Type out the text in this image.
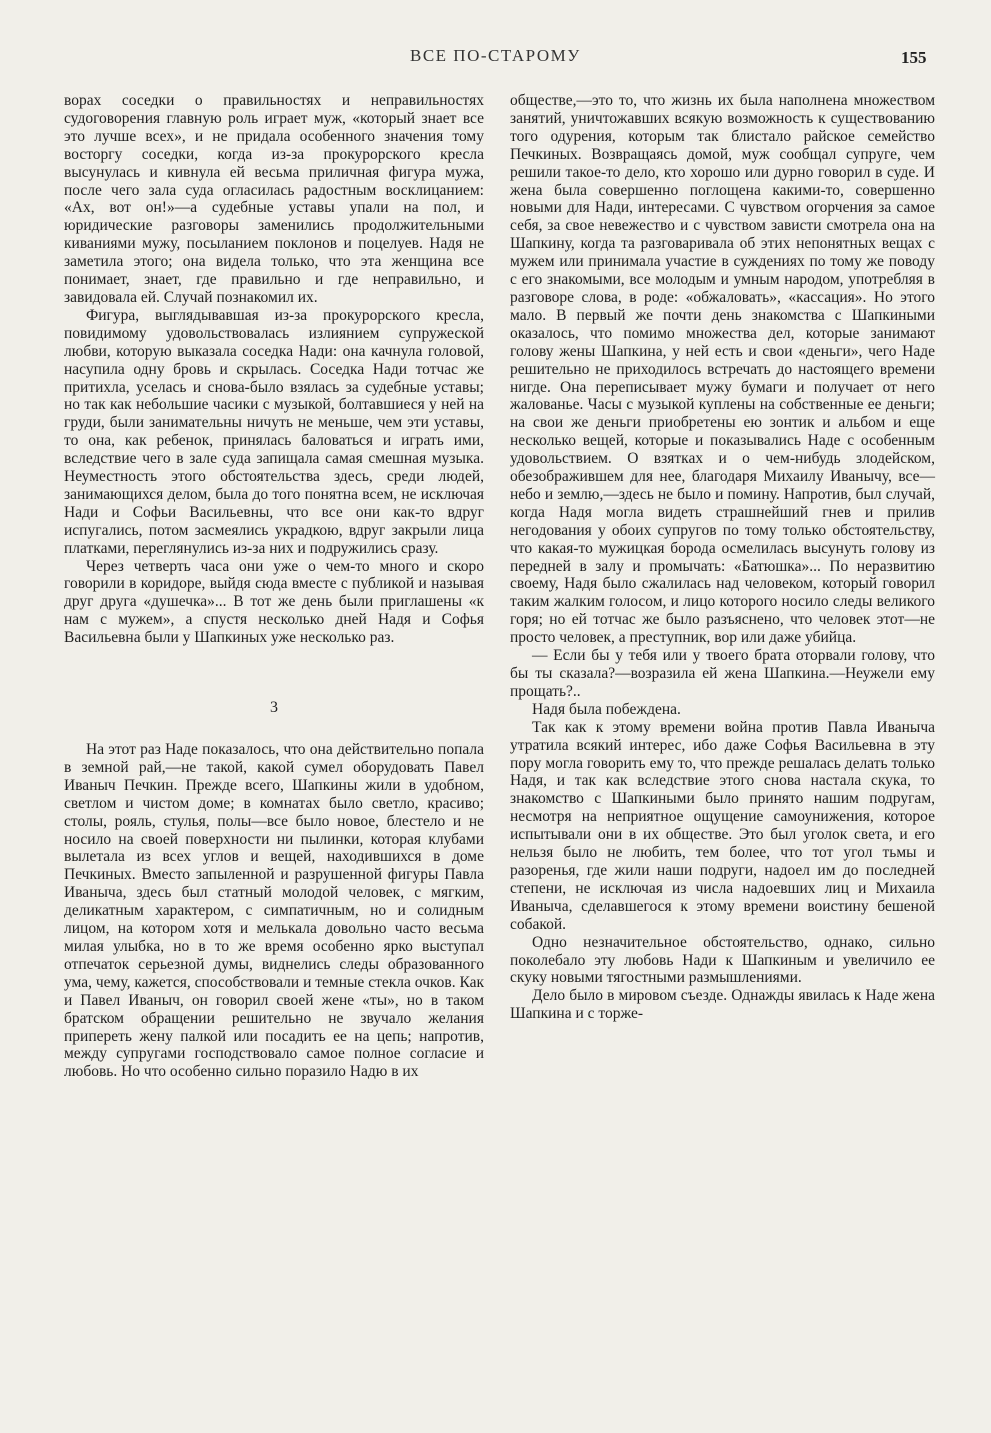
ВСЕ ПО-СТАРОМУ	155

ворах соседки о правильностях и неправильностях судоговорения главную роль играет муж, «который знает все это лучше всех», и не придала особенного значения тому восторгу соседки, когда из-за прокурорского кресла высунулась и кивнула ей весьма приличная фигура мужа, после чего зала суда огласилась радостным восклицанием: «Ах, вот он!»—а судебные уставы упали на пол, и юридические разговоры заменились продолжительными киваниями мужу, посыланием поклонов и поцелуев. Надя не заметила этого; она видела только, что эта женщина все понимает, знает, где правильно и где неправильно, и завидовала ей. Случай познакомил их.

Фигура, выглядывавшая из-за прокурорского кресла, повидимому удовольствовалась излиянием супружеской любви, которую выказала соседка Нади: она качнула головой, насупила одну бровь и скрылась. Соседка Нади тотчас же притихла, уселась и снова-было взялась за судебные уставы; но так как небольшие часики с музыкой, болтавшиеся у ней на груди, были занимательны ничуть не меньше, чем эти уставы, то она, как ребенок, принялась баловаться и играть ими, вследствие чего в зале суда запищала самая смешная музыка. Неуместность этого обстоятельства здесь, среди людей, занимающихся делом, была до того понятна всем, не исключая Нади и Софьи Васильевны, что все они как-то вдруг испугались, потом засмеялись украдкою, вдруг закрыли лица платками, переглянулись из-за них и подружились сразу.

Через четверть часа они уже о чем-то много и скоро говорили в коридоре, выйдя сюда вместе с публикой и называя друг друга «душечка»... В тот же день были приглашены «к нам с мужем», а спустя несколько дней Надя и Софья Васильевна были у Шапкиных уже несколько раз.

3

На этот раз Наде показалось, что она действительно попала в земной рай,—не такой, какой сумел оборудовать Павел Иваныч Печкин. Прежде всего, Шапкины жили в удобном, светлом и чистом доме; в комнатах было светло, красиво; столы, рояль, стулья, полы—все было новое, блестело и не носило на своей поверхности ни пылинки, которая клубами вылетала из всех углов и вещей, находившихся в доме Печкиных. Вместо запыленной и разрушенной фигуры Павла Иваныча, здесь был статный молодой человек, с мягким, деликатным характером, с симпатичным, но и солидным лицом, на котором хотя и мелькала довольно часто весьма милая улыбка, но в то же время особенно ярко выступал отпечаток серьезной думы, виднелись следы образованного ума, чему, кажется, способствовали и темные стекла очков. Как и Павел Иваныч, он говорил своей жене «ты», но в таком братском обращении решительно не звучало желания припереть жену палкой или посадить ее на цепь; напротив, между супругами господствовало самое полное согласие и любовь. Но что особенно сильно поразило Надю в их

обществе,—это то, что жизнь их была наполнена множеством занятий, уничтожавших всякую возможность к существованию того одурения, которым так блистало райское семейство Печкиных. Возвращаясь домой, муж сообщал супруге, чем решили такое-то дело, кто хорошо или дурно говорил в суде. И жена была совершенно поглощена какими-то, совершенно новыми для Нади, интересами. С чувством огорчения за самое себя, за свое невежество и с чувством зависти смотрела она на Шапкину, когда та разговаривала об этих непонятных вещах с мужем или принимала участие в суждениях по тому же поводу с его знакомыми, все молодым и умным народом, употребляя в разговоре слова, в роде: «обжаловать», «кассация». Но этого мало. В первый же почти день знакомства с Шапкиными оказалось, что помимо множества дел, которые занимают голову жены Шапкина, у ней есть и свои «деньги», чего Наде решительно не приходилось встречать до настоящего времени нигде. Она переписывает мужу бумаги и получает от него жалованье. Часы с музыкой куплены на собственные ее деньги; на свои же деньги приобретены ею зонтик и альбом и еще несколько вещей, которые и показывались Наде с особенным удовольствием. О взятках и о чем-нибудь злодейском, обезображившем для нее, благодаря Михаилу Иванычу, все—небо и землю,—здесь не было и помину. Напротив, был случай, когда Надя могла видеть страшнейший гнев и прилив негодования у обоих супругов по тому только обстоятельству, что какая-то мужицкая борода осмелилась высунуть голову из передней в залу и промычать: «Батюшка»... По неразвитию своему, Надя было сжалилась над человеком, который говорил таким жалким голосом, и лицо которого носило следы великого горя; но ей тотчас же было разъяснено, что человек этот—не просто человек, а преступник, вор или даже убийца.

— Если бы у тебя или у твоего брата оторвали голову, что бы ты сказала?—возразила ей жена Шапкина.—Неужели ему прощать?..

Надя была побеждена.

Так как к этому времени война против Павла Иваныча утратила всякий интерес, ибо даже Софья Васильевна в эту пору могла говорить ему то, что прежде решалась делать только Надя, и так как вследствие этого снова настала скука, то знакомство с Шапкиными было принято нашим подругам, несмотря на неприятное ощущение самоунижения, которое испытывали они в их обществе. Это был уголок света, и его нельзя было не любить, тем более, что тот угол тьмы и разоренья, где жили наши подруги, надоел им до последней степени, не исключая из числа надоевших лиц и Михаила Иваныча, сделавшегося к этому времени воистину бешеной собакой.

Одно незначительное обстоятельство, однако, сильно поколебало эту любовь Нади к Шапкиным и увеличило ее скуку новыми тягостными размышлениями.

Дело было в мировом съезде. Однажды явилась к Наде жена Шапкина и с торже-
